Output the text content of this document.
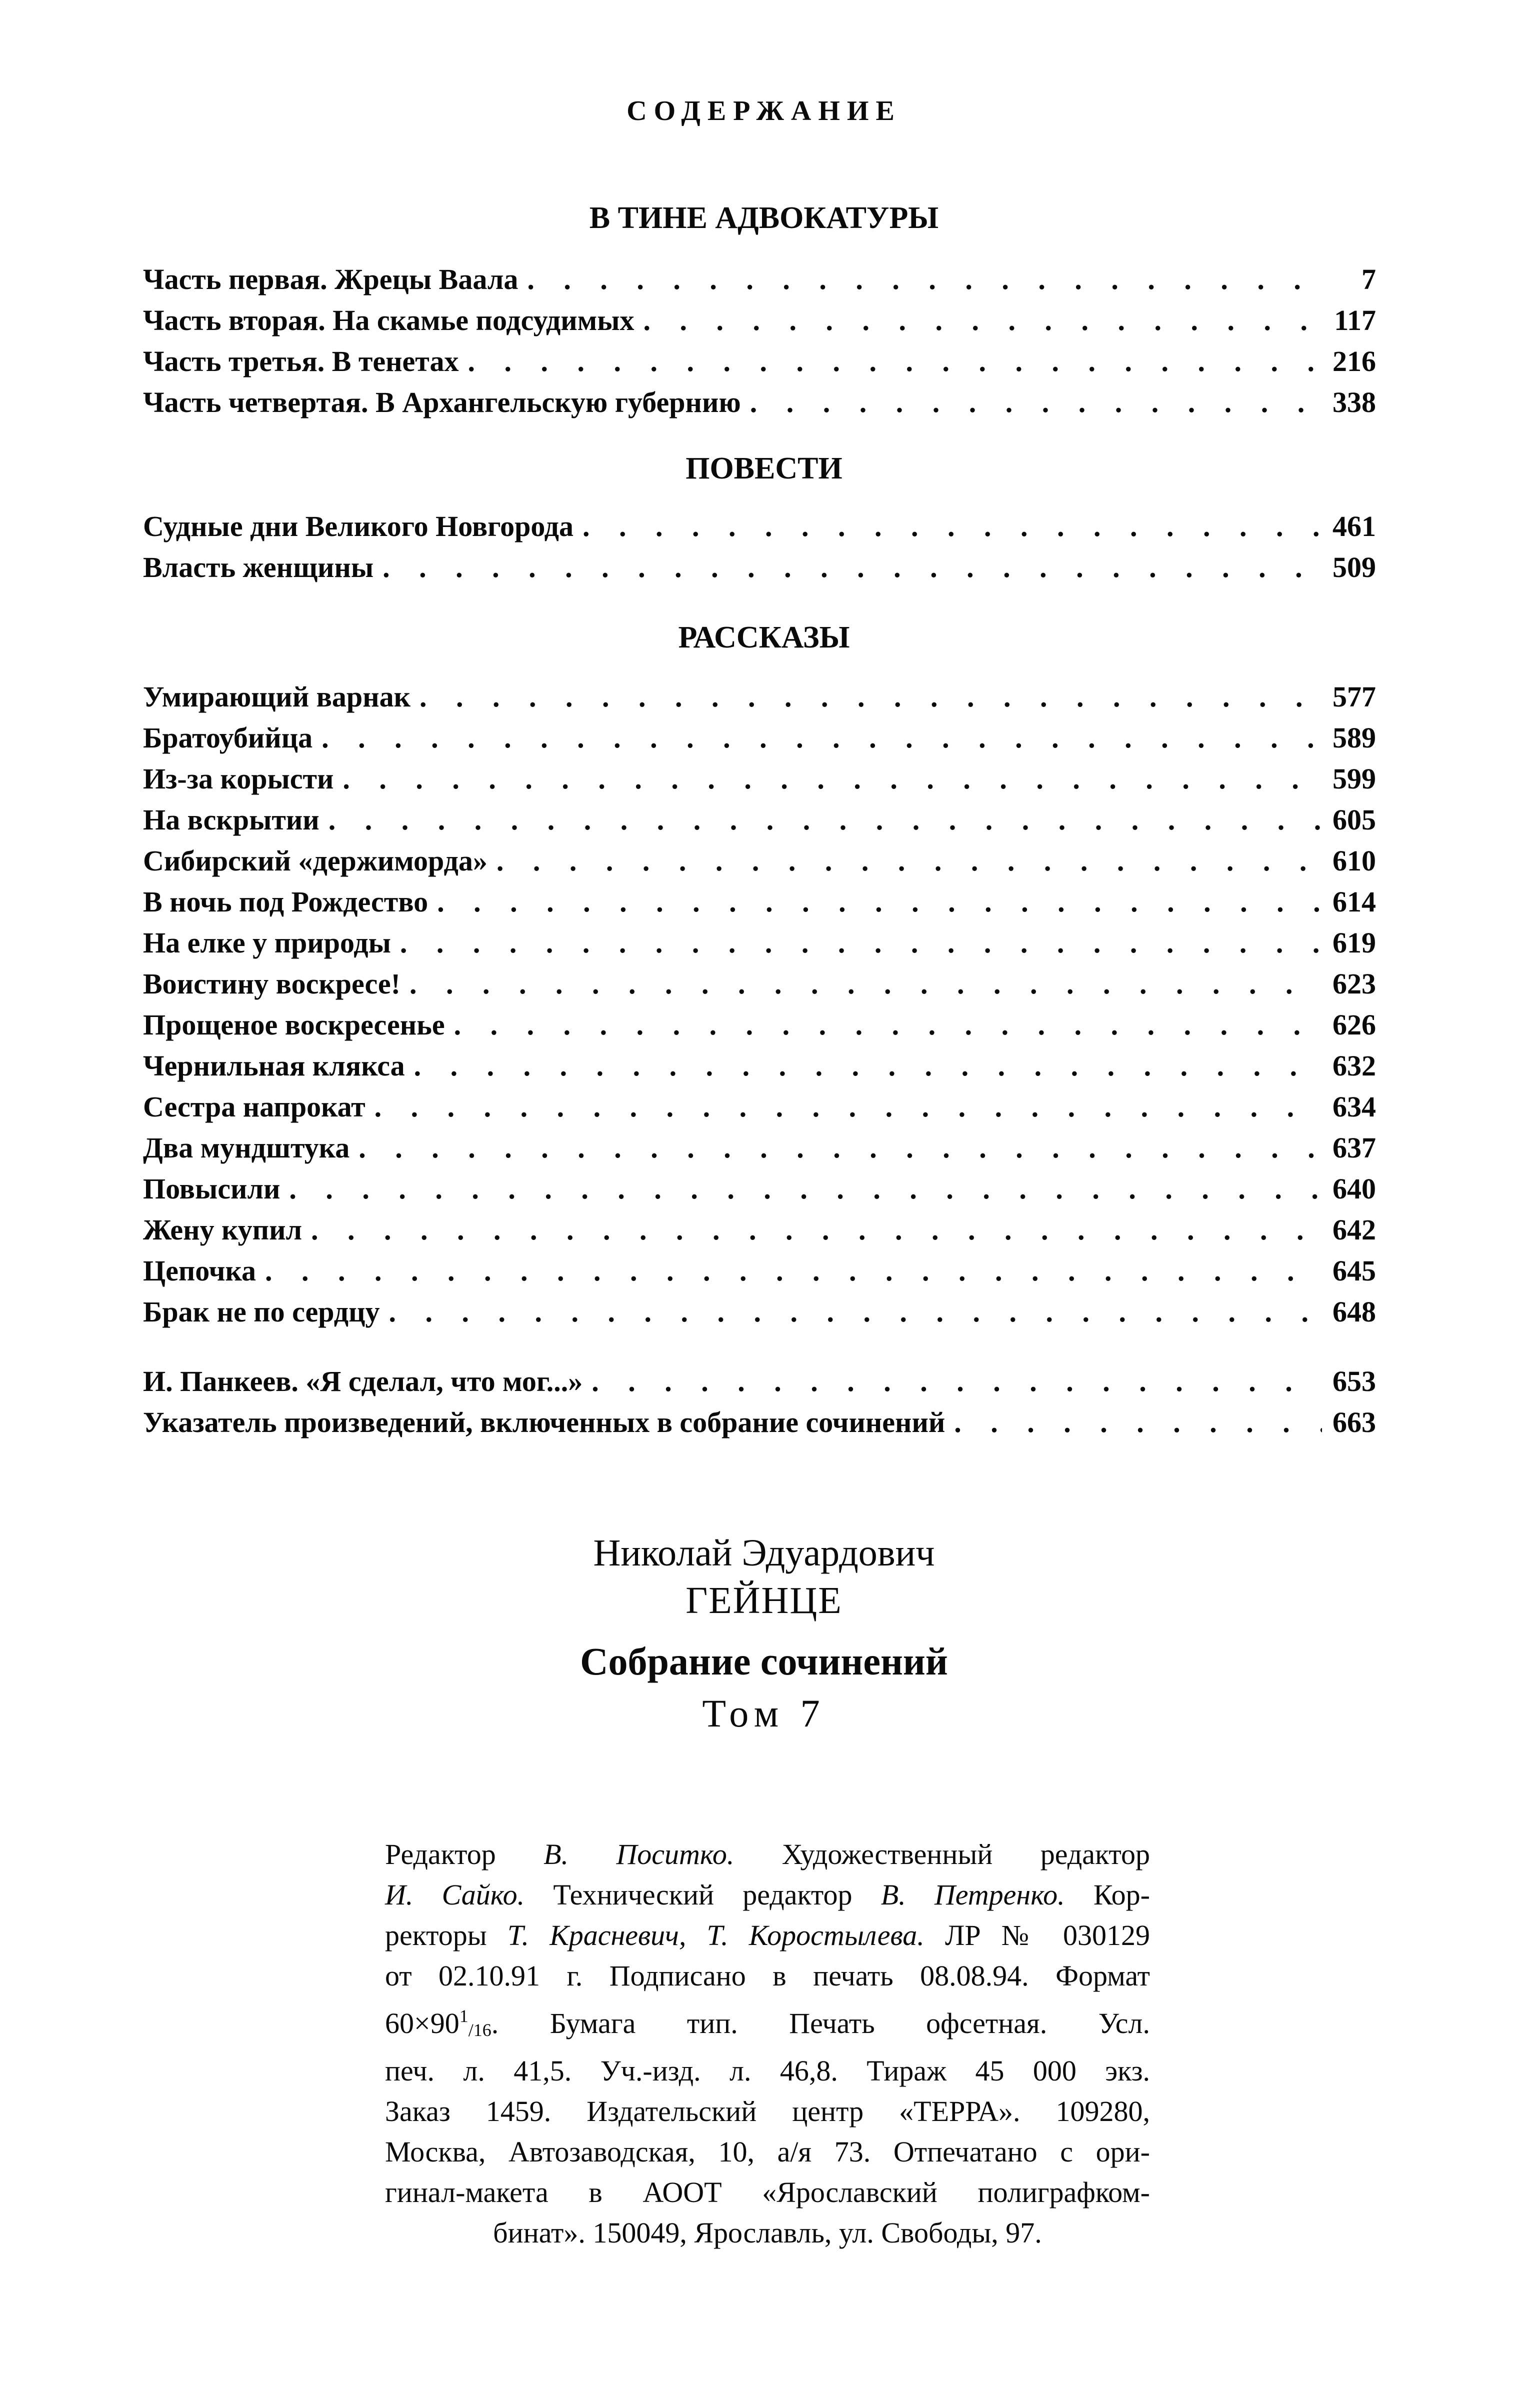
СОДЕРЖАНИЕ
В ТИНЕ АДВОКАТУРЫ
Часть первая. Жрецы Ваала . . .	7
Часть вторая. На скамье подсудимых . . .	117
Часть третья. В тенетах . . .	216
Часть четвертая. В Архангельскую губернию . . .	338
ПОВЕСТИ
Судные дни Великого Новгорода . . .	461
Власть женщины . . .	509
РАССКАЗЫ
Умирающий варнак . . .	577
Братоубийца . . .	589
Из-за корысти . . .	599
На вскрытии . . .	605
Сибирский «держиморда» . . .	610
В ночь под Рождество . . .	614
На елке у природы . . .	619
Воистину воскресе! . . .	623
Прощеное воскресенье . . .	626
Чернильная клякса . . .	632
Сестра напрокат . . .	634
Два мундштука . . .	637
Повысили . . .	640
Жену купил . . .	642
Цепочка . . .	645
Брак не по сердцу . . .	648
И. Панкеев. «Я сделал, что мог...» . . .	653
Указатель произведений, включенных в собрание сочинений . . .	663
Николай Эдуардович
ГЕЙНЦЕ
Собрание сочинений
Том 7
Редактор В. Поситко. Художественный редактор
И. Сайко. Технический редактор В. Петренко. Кор-
ректоры Т. Красневич, Т. Коростылева. ЛР № 030129
от 02.10.91 г. Подписано в печать 08.08.94. Формат
$60\times 90^1/16$. Бумага тип. Печать офсетная. Усл.
печ. л. 41,5. Уч.-изд. л. 46,8. Тираж 45 000 экз.
Заказ 1459. Издательский центр «ТЕРРА». 109280,
Москва, Автозаводская, 10, а/я 73. Отпечатано с ори-
гинал-макета в АООТ «Ярославский полиграфком-
бинат». 150049, Ярославль, ул. Свободы, 97.
